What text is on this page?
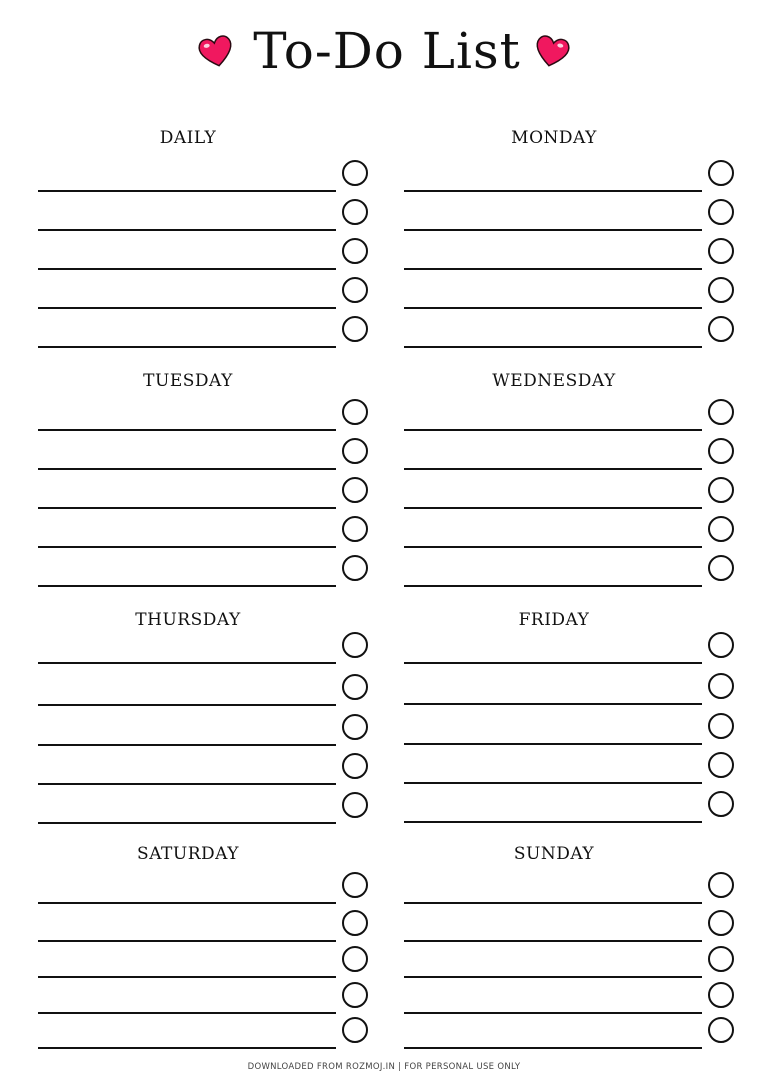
To-Do List
DAILY	MONDAY
TUESDAY	WEDNESDAY
THURSDAY	FRIDAY
SATURDAY	SUNDAY
DOWNLOADED FROM ROZMOJ.IN | FOR PERSONAL USE ONLY
